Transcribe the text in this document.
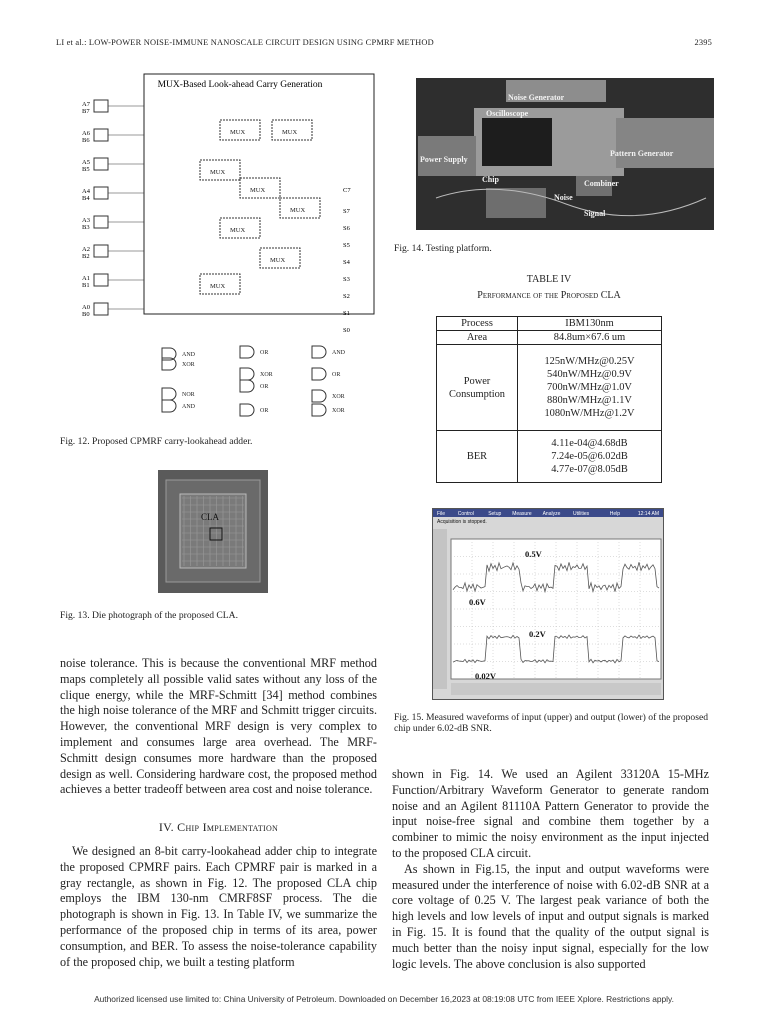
LI et al.: LOW-POWER NOISE-IMMUNE NANOSCALE CIRCUIT DESIGN USING CPMRF METHOD	2395
MUX-Based Look-ahead Carry Generation
A7
B7
A6
B6
A5
B5
A4
B4
A3
B3
A2
B2
A1
B1
A0
B0
MUX	MUX
MUX
MUX
MUX
MUX
MUX
MUX
S7
S6
S5
S4
S3
S2
S1
S0
C7
AND
XOR
NOR
AND
OR
XOR
OR
AND
OR
XOR
OR	XOR
Fig. 12. Proposed CPMRF carry-lookahead adder.
CLA
Fig. 13. Die photograph of the proposed CLA.
Noise Generator
Oscilloscope
Pattern Generator
Power Supply
Chip	Combiner
Noise
Signal
Fig. 14. Testing platform.
TABLE IV
Performance of the Proposed CLA
Process	IBM130nm
Area	84.8um×67.6 um

Power Consumption	125nW/MHz@0.25V
540nW/MHz@0.9V
700nW/MHz@1.0V
880nW/MHz@1.1V
1080nW/MHz@1.2V

BER	4.11e-04@4.68dB
7.24e-05@6.02dB
4.77e-07@8.05dB
File	Control	Setup Measure Analyze	Utilities	Help	12:14 AM
Acquisition is stopped.
0.5V
0.6V
0.2V
0.02V
Fig. 15. Measured waveforms of input (upper) and output (lower) of the proposed chip under 6.02-dB SNR.

noise tolerance. This is because the conventional MRF method maps completely all possible valid sates without any loss of the clique energy, while the MRF-Schmitt [34] method combines the high noise tolerance of the MRF and Schmitt trigger circuits. However, the conventional MRF design is very complex to implement and consumes large area overhead. The MRF-Schmitt design consumes more hardware than the proposed design as well. Considering hardware cost, the proposed method achieves a better tradeoff between area cost and noise tolerance.

IV. Chip Implementation

We designed an 8-bit carry-lookahead adder chip to integrate the proposed CPMRF pairs. Each CPMRF pair is marked in a gray rectangle, as shown in Fig. 12. The proposed CLA chip employs the IBM 130-nm CMRF8SF process. The die photograph is shown in Fig. 13. In Table IV, we summarize the performance of the proposed chip in terms of its area, power consumption, and BER. To assess the noise-tolerance capability of the proposed chip, we built a testing platform

shown in Fig. 14. We used an Agilent 33120A 15-MHz Function/Arbitrary Waveform Generator to generate random noise and an Agilent 81110A Pattern Generator to provide the input noise-free signal and combine them together by a combiner to mimic the noisy environment as the input injected to the proposed CLA circuit.

As shown in Fig.15, the input and output waveforms were measured under the interference of noise with 6.02-dB SNR at a core voltage of 0.25 V. The largest peak variance of both the high levels and low levels of input and output signals is marked in Fig. 15. It is found that the quality of the output signal is much better than the noisy input signal, especially for the low logic levels. The above conclusion is also supported

Authorized licensed use limited to: China University of Petroleum. Downloaded on December 16,2023 at 08:19:08 UTC from IEEE Xplore. Restrictions apply.
